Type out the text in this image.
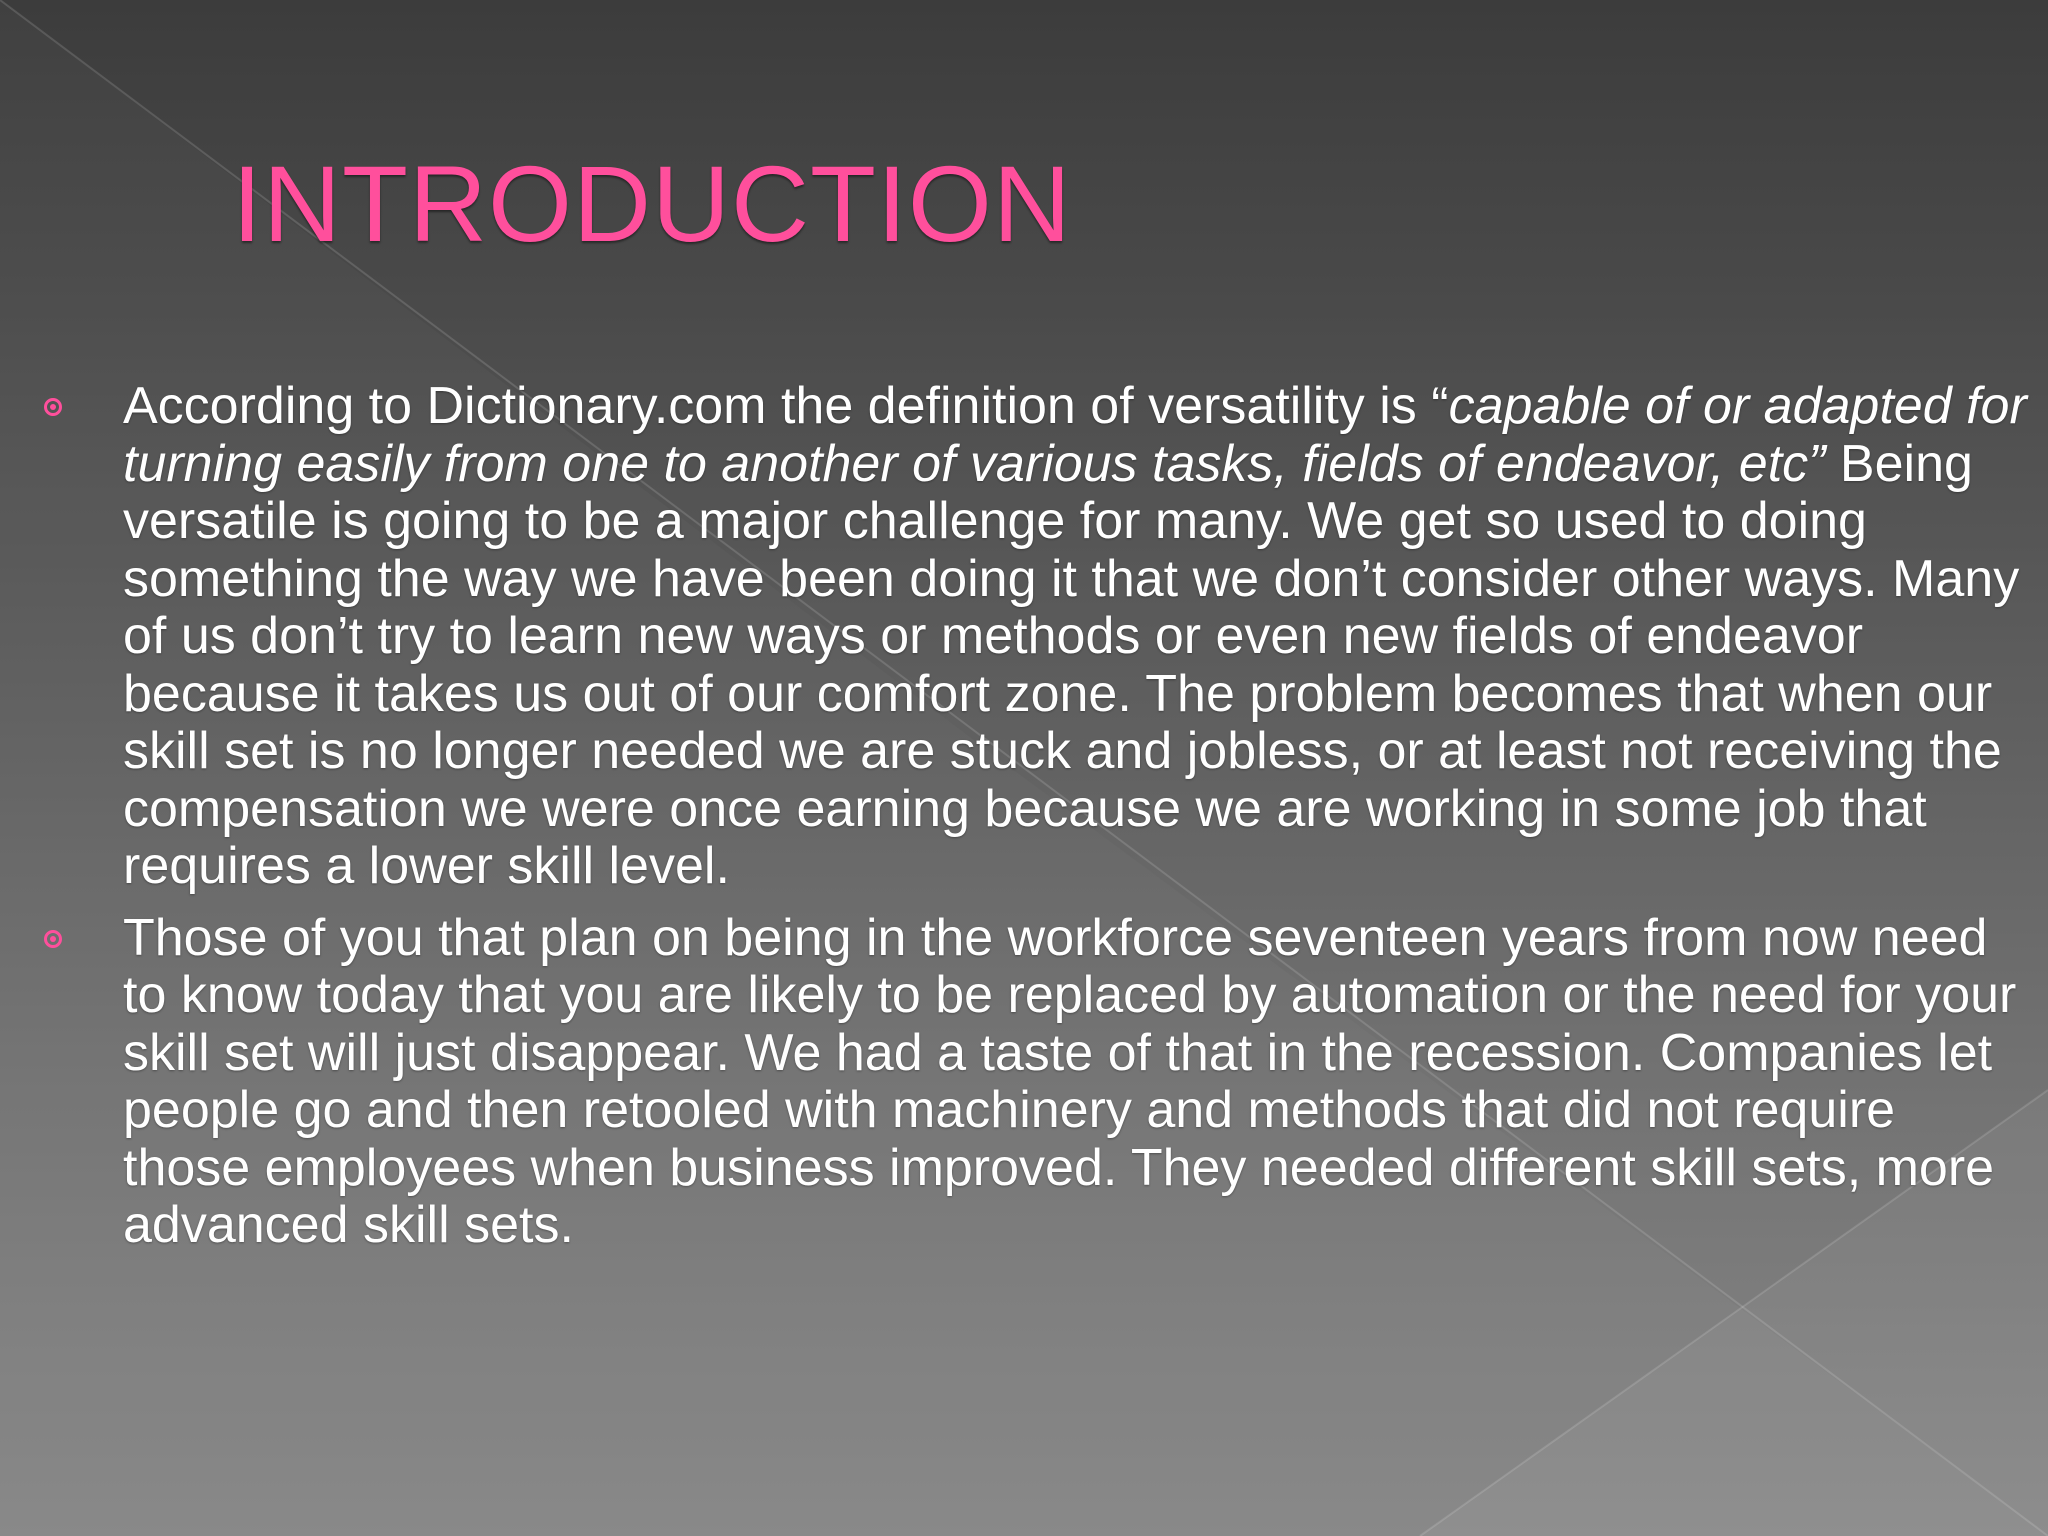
INTRODUCTION

According to Dictionary.com the definition of versatility is “capable of or adapted for turning easily from one to another of various tasks, fields of endeavor, etc” Being versatile is going to be a major challenge for many. We get so used to doing something the way we have been doing it that we don’t consider other ways. Many of us don’t try to learn new ways or methods or even new fields of endeavor because it takes us out of our comfort zone. The problem becomes that when our skill set is no longer needed we are stuck and jobless, or at least not receiving the compensation we were once earning because we are working in some job that requires a lower skill level.

Those of you that plan on being in the workforce seventeen years from now need to know today that you are likely to be replaced by automation or the need for your skill set will just disappear. We had a taste of that in the recession. Companies let people go and then retooled with machinery and methods that did not require those employees when business improved. They needed different skill sets, more advanced skill sets.
